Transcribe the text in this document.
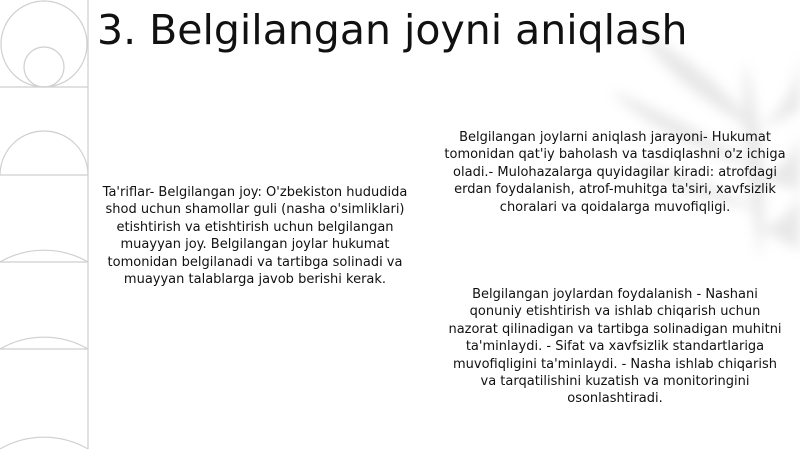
3. Belgilangan joyni aniqlash

Ta'riflar- Belgilangan joy: O'zbekiston hududida shod uchun shamollar guli (nasha o'simliklari) etishtirish va etishtirish uchun belgilangan muayyan joy. Belgilangan joylar hukumat tomonidan belgilanadi va tartibga solinadi va muayyan talablarga javob berishi kerak.

Belgilangan joylarni aniqlash jarayoni- Hukumat tomonidan qat'iy baholash va tasdiqlashni o'z ichiga oladi.- Mulohazalarga quyidagilar kiradi: atrofdagi erdan foydalanish, atrof-muhitga ta'siri, xavfsizlik choralari va qoidalarga muvofiqligi.

Belgilangan joylardan foydalanish - Nashani qonuniy etishtirish va ishlab chiqarish uchun nazorat qilinadigan va tartibga solinadigan muhitni ta'minlaydi. - Sifat va xavfsizlik standartlariga muvofiqligini ta'minlaydi. - Nasha ishlab chiqarish va tarqatilishini kuzatish va monitoringini osonlashtiradi.
